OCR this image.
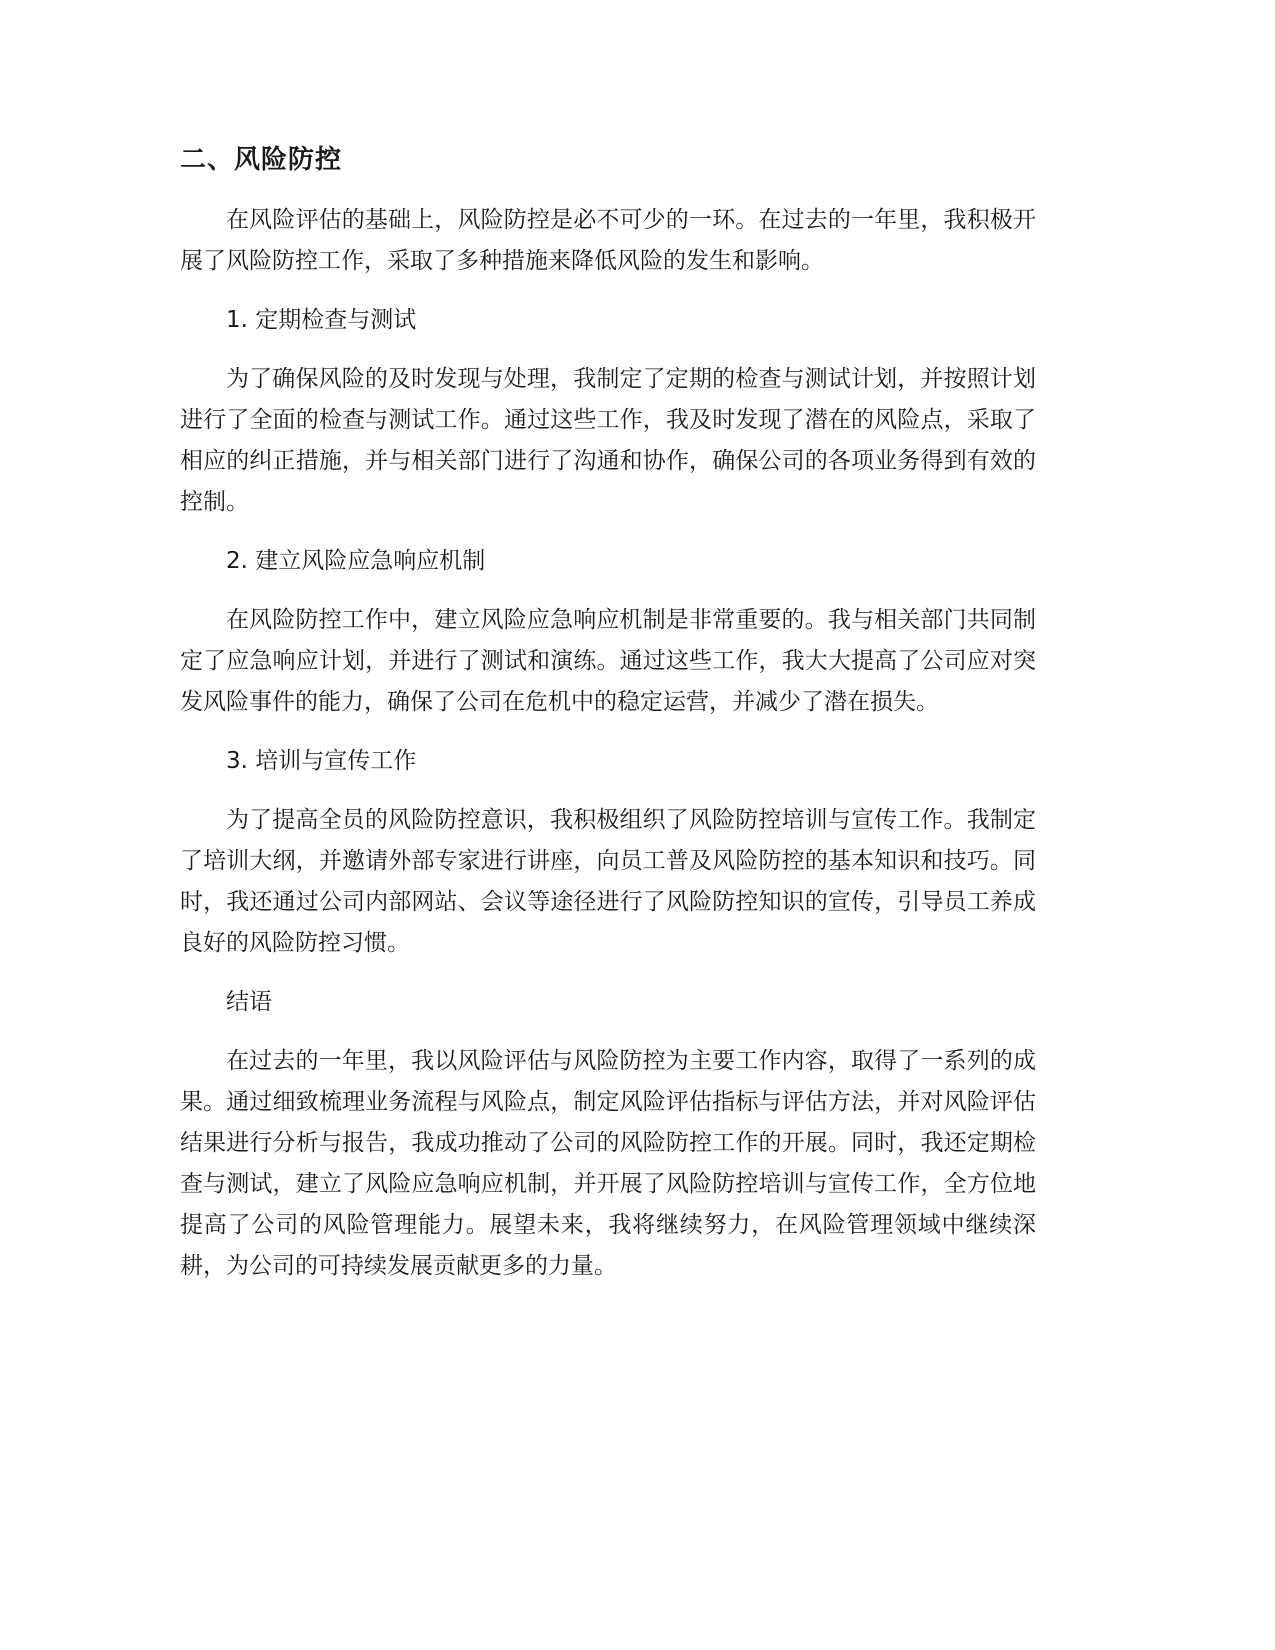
二、风险防控

在风险评估的基础上，风险防控是必不可少的一环。在过去的一年里，我积极开展了风险防控工作，采取了多种措施来降低风险的发生和影响。

1. 定期检查与测试

为了确保风险的及时发现与处理，我制定了定期的检查与测试计划，并按照计划进行了全面的检查与测试工作。通过这些工作，我及时发现了潜在的风险点，采取了相应的纠正措施，并与相关部门进行了沟通和协作，确保公司的各项业务得到有效的控制。

2. 建立风险应急响应机制

在风险防控工作中，建立风险应急响应机制是非常重要的。我与相关部门共同制定了应急响应计划，并进行了测试和演练。通过这些工作，我大大提高了公司应对突发风险事件的能力，确保了公司在危机中的稳定运营，并减少了潜在损失。

3. 培训与宣传工作

为了提高全员的风险防控意识，我积极组织了风险防控培训与宣传工作。我制定了培训大纲，并邀请外部专家进行讲座，向员工普及风险防控的基本知识和技巧。同时，我还通过公司内部网站、会议等途径进行了风险防控知识的宣传，引导员工养成良好的风险防控习惯。

结语

在过去的一年里，我以风险评估与风险防控为主要工作内容，取得了一系列的成果。通过细致梳理业务流程与风险点，制定风险评估指标与评估方法，并对风险评估结果进行分析与报告，我成功推动了公司的风险防控工作的开展。同时，我还定期检查与测试，建立了风险应急响应机制，并开展了风险防控培训与宣传工作，全方位地提高了公司的风险管理能力。展望未来，我将继续努力，在风险管理领域中继续深耕，为公司的可持续发展贡献更多的力量。
